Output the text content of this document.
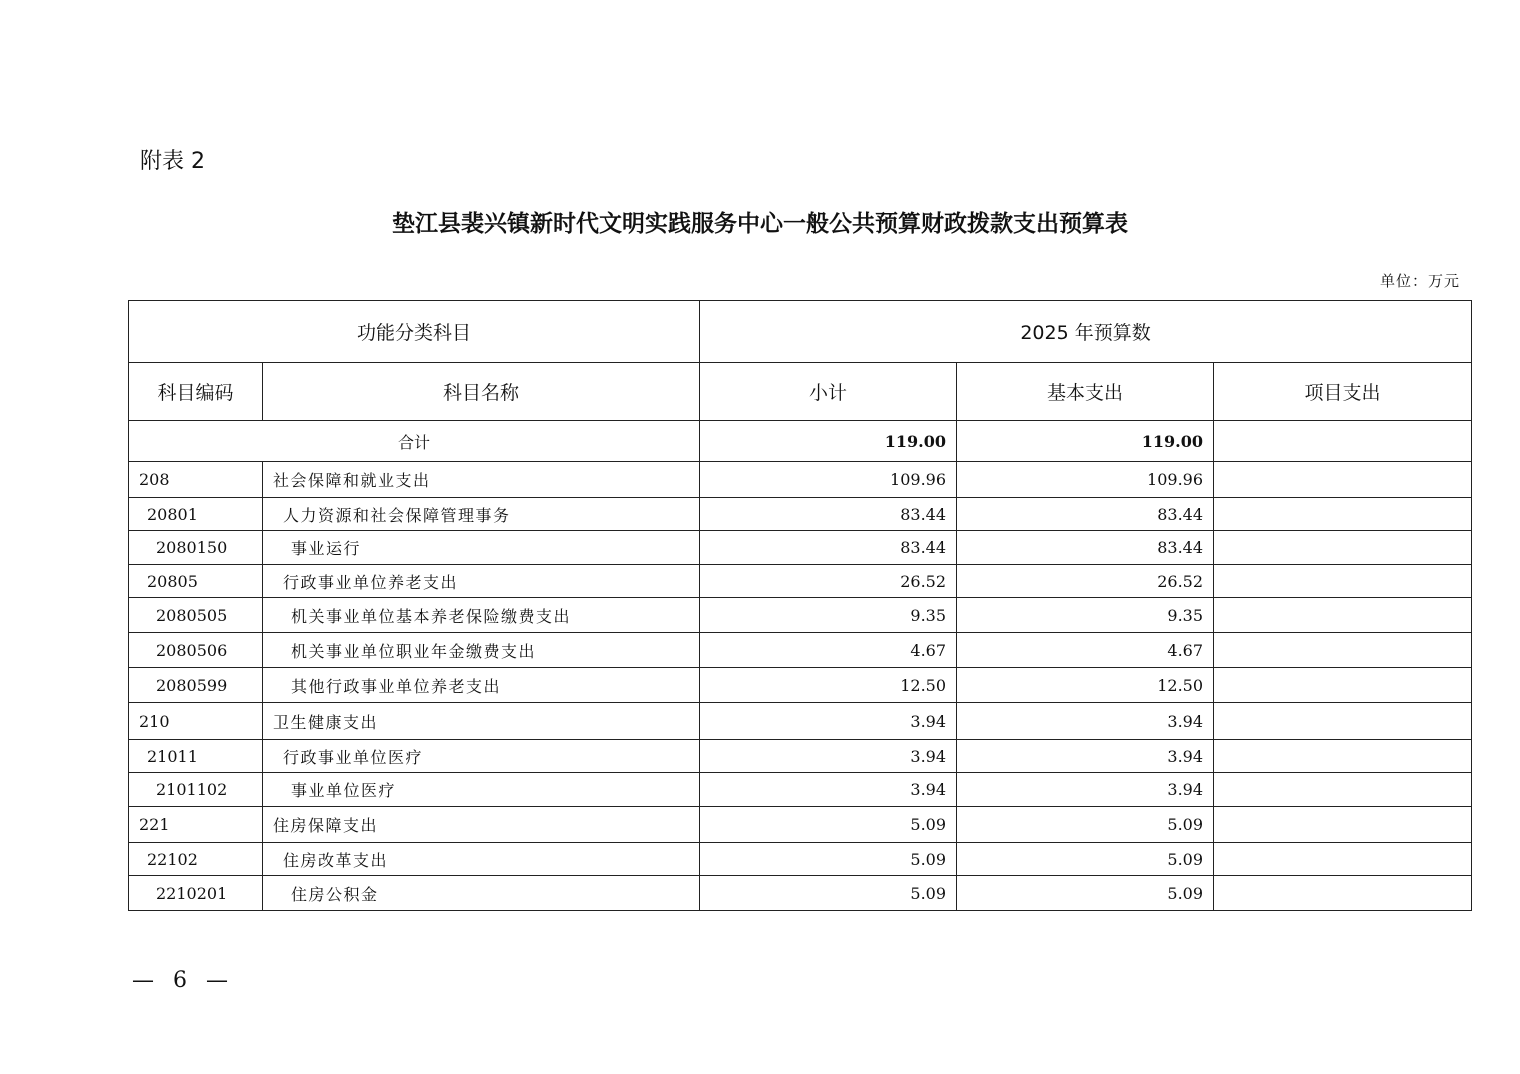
附表 2
垫江县裴兴镇新时代文明实践服务中心一般公共预算财政拨款支出预算表
单位：万元
功能分类科目		2025 年预算数		
科目编码	科目名称	小计	基本支出	项目支出
合计		119.00	119.00	
208	社会保障和就业支出	109.96	109.96	
20801	人力资源和社会保障管理事务	83.44	83.44	
2080150	事业运行	83.44	83.44	
20805	行政事业单位养老支出	26.52	26.52	
2080505	机关事业单位基本养老保险缴费支出	9.35	9.35	
2080506	机关事业单位职业年金缴费支出	4.67	4.67	
2080599	其他行政事业单位养老支出	12.50	12.50	
210	卫生健康支出	3.94	3.94	
21011	行政事业单位医疗	3.94	3.94	
2101102	事业单位医疗	3.94	3.94	
221	住房保障支出	5.09	5.09	
22102	住房改革支出	5.09	5.09	
2210201	住房公积金	5.09	5.09	
— 6 —
